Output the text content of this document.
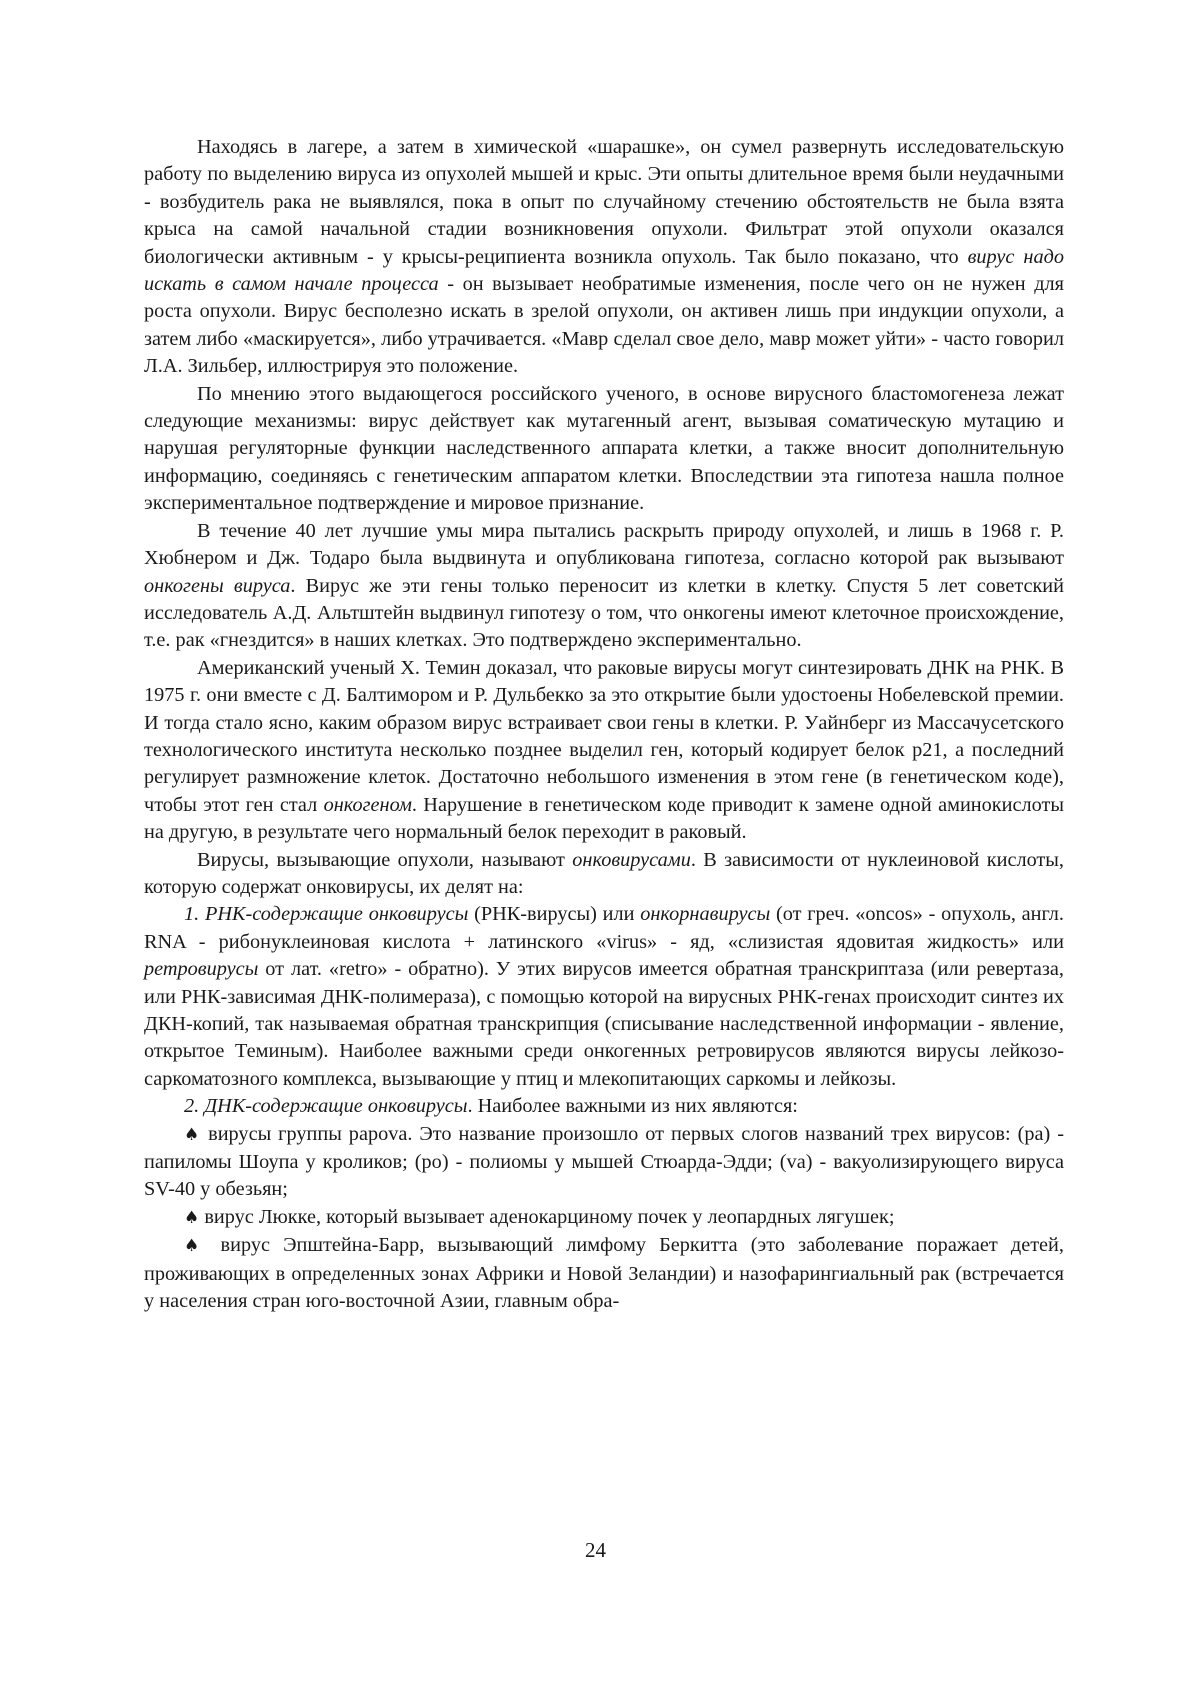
Находясь в лагере, а затем в химической «шарашке», он сумел развернуть исследовательскую работу по выделению вируса из опухолей мышей и крыс. Эти опыты длительное время были неудачными - возбудитель рака не выявлялся, пока в опыт по случайному стечению обстоятельств не была взята крыса на самой начальной стадии возникновения опухоли. Фильтрат этой опухоли оказался биологически активным - у крысы-реципиента возникла опухоль. Так было показано, что вирус надо искать в самом начале процесса - он вызывает необратимые изменения, после чего он не нужен для роста опухоли. Вирус бесполезно искать в зрелой опухоли, он активен лишь при индукции опухоли, а затем либо «маскируется», либо утрачивается. «Мавр сделал свое дело, мавр может уйти» - часто говорил Л.А. Зильбер, иллюстрируя это положение.

По мнению этого выдающегося российского ученого, в основе вирусного бластомогенеза лежат следующие механизмы: вирус действует как мутагенный агент, вызывая соматическую мутацию и нарушая регуляторные функции наследственного аппарата клетки, а также вносит дополнительную информацию, соединяясь с генетическим аппаратом клетки. Впоследствии эта гипотеза нашла полное экспериментальное подтверждение и мировое признание.

В течение 40 лет лучшие умы мира пытались раскрыть природу опухолей, и лишь в 1968 г. Р. Хюбнером и Дж. Тодаро была выдвинута и опубликована гипотеза, согласно которой рак вызывают онкогены вируса. Вирус же эти гены только переносит из клетки в клетку. Спустя 5 лет советский исследователь А.Д. Альтштейн выдвинул гипотезу о том, что онкогены имеют клеточное происхождение, т.е. рак «гнездится» в наших клетках. Это подтверждено экспериментально.

Американский ученый Х. Темин доказал, что раковые вирусы могут синтезировать ДНК на РНК. В 1975 г. они вместе с Д. Балтимором и Р. Дульбекко за это открытие были удостоены Нобелевской премии. И тогда стало ясно, каким образом вирус встраивает свои гены в клетки. Р. Уайнберг из Массачусетского технологического института несколько позднее выделил ген, который кодирует белок p21, а последний регулирует размножение клеток. Достаточно небольшого изменения в этом гене (в генетическом коде), чтобы этот ген стал онкогеном. Нарушение в генетическом коде приводит к замене одной аминокислоты на другую, в результате чего нормальный белок переходит в раковый.

Вирусы, вызывающие опухоли, называют онковирусами. В зависимости от нуклеиновой кислоты, которую содержат онковирусы, их делят на:

1. РНК-содержащие онковирусы (РНК-вирусы) или онкорнавирусы (от греч. «oncos» - опухоль, англ. RNA - рибонуклеиновая кислота + латинского «virus» - яд, «слизистая ядовитая жидкость» или ретровирусы от лат. «retro» - обратно). У этих вирусов имеется обратная транскриптаза (или ревертаза, или РНК-зависимая ДНК-полимераза), с помощью которой на вирусных РНК-генах происходит синтез их ДКН-копий, так называемая обратная транскрипция (списывание наследственной информации - явление, открытое Теминым). Наиболее важными среди онкогенных ретровирусов являются вирусы лейкозо-саркоматозного комплекса, вызывающие у птиц и млекопитающих саркомы и лейкозы.

2. ДНК-содержащие онковирусы. Наиболее важными из них являются:

♠ вирусы группы papova. Это название произошло от первых слогов названий трех вирусов: (pa) - папиломы Шоупа у кроликов; (po) - полиомы у мышей Стюарда-Эдди; (va) - вакуолизирующего вируса SV-40 у обезьян;

♠ вирус Люкке, который вызывает аденокарциному почек у леопардных лягушек;

♠ вирус Эпштейна-Барр, вызывающий лимфому Беркитта (это заболевание поражает детей, проживающих в определенных зонах Африки и Новой Зеландии) и назофарингиальный рак (встречается у населения стран юго-восточной Азии, главным обра-

24
